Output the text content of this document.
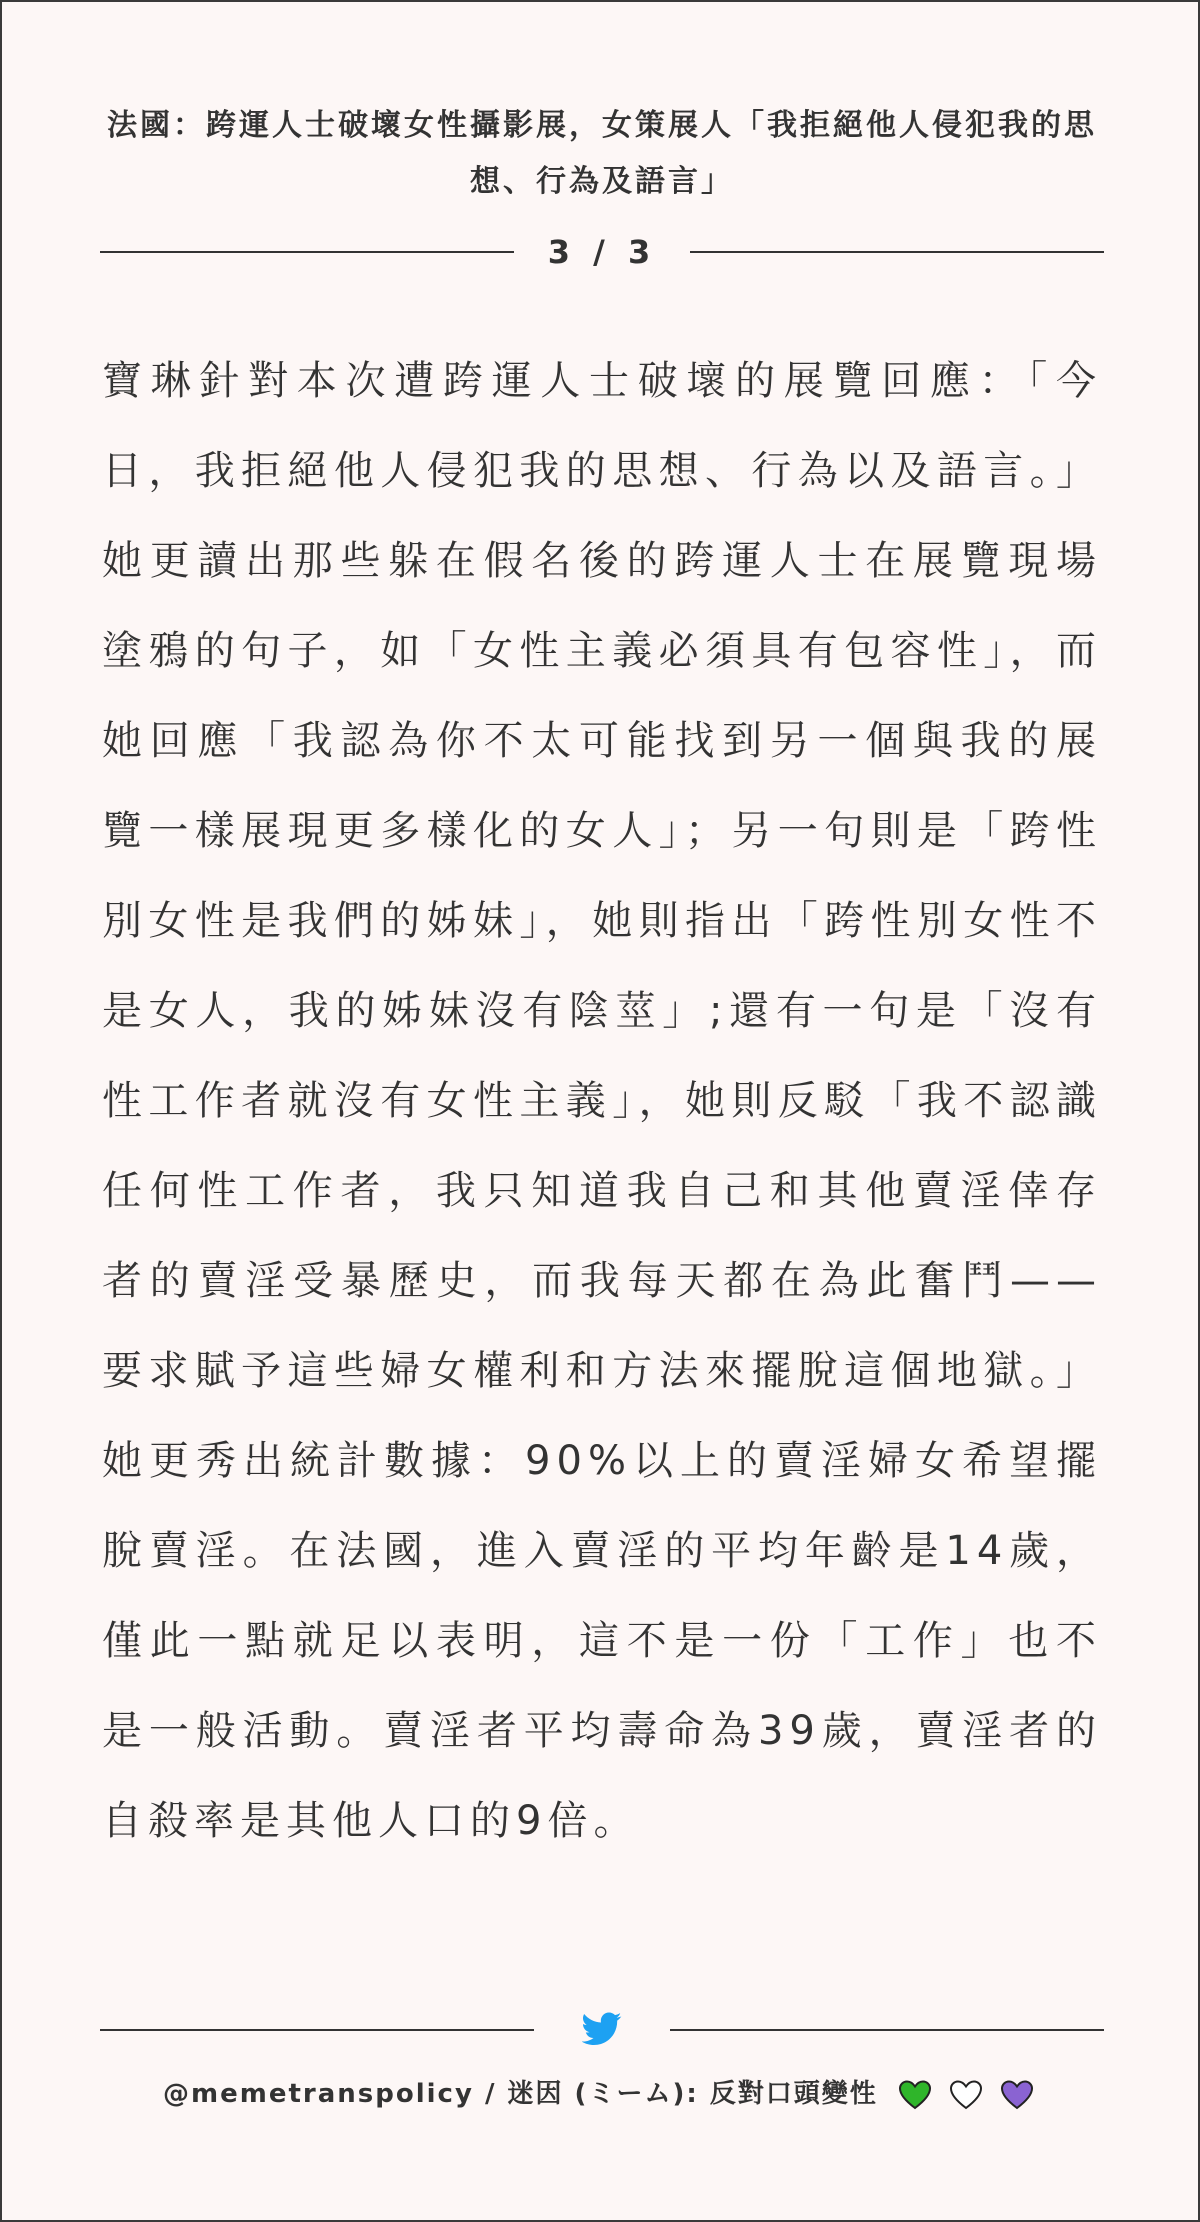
法國：跨運人士破壞女性攝影展，女策展人「我拒絕他人侵犯我的思想、行為及語言」
3 / 3
寶琳針對本次遭跨運人士破壞的展覽回應：「今日，我拒絕他人侵犯我的思想、行為以及語言。」她更讀出那些躲在假名後的跨運人士在展覽現場塗鴉的句子，如「女性主義必須具有包容性」，而她回應「我認為你不太可能找到另一個與我的展覽一樣展現更多樣化的女人」；另一句則是「跨性別女性是我們的姊妹」，她則指出「跨性別女性不是女人，我的姊妹沒有陰莖」;還有一句是「沒有性工作者就沒有女性主義」，她則反駁「我不認識任何性工作者，我只知道我自己和其他賣淫倖存者的賣淫受暴歷史，而我每天都在為此奮鬥——要求賦予這些婦女權利和方法來擺脫這個地獄。」她更秀出統計數據：90%以上的賣淫婦女希望擺脫賣淫。在法國，進入賣淫的平均年齡是14歲，僅此一點就足以表明，這不是一份「工作」也不是一般活動。賣淫者平均壽命為39歲，賣淫者的自殺率是其他人口的9倍。
@memetranspolicy / 迷因 (ミーム): 反對口頭變性
